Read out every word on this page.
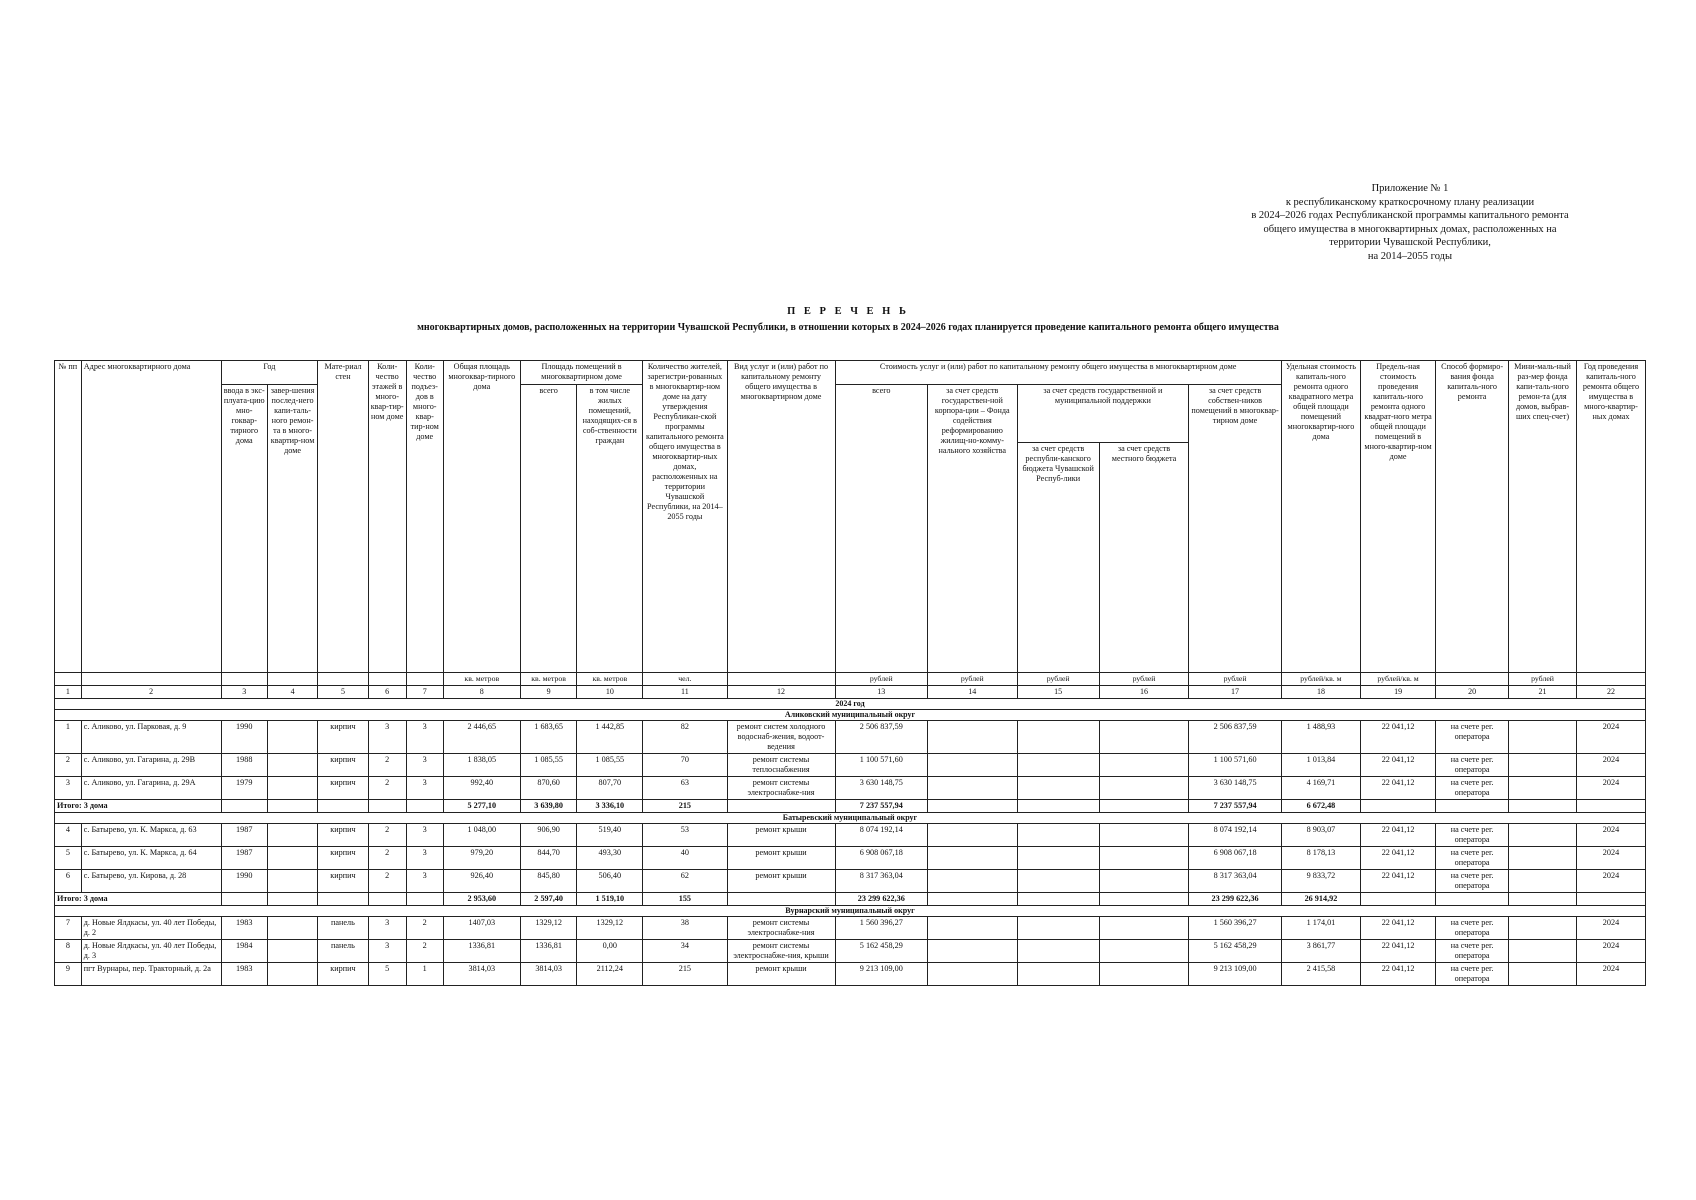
Приложение № 1
к республиканскому краткосрочному плану реализации
в 2024–2026 годах Республиканской программы капитального ремонта
общего имущества в многоквартирных домах, расположенных на
территории Чувашской Республики,
на 2014–2055 годы
П Е Р Е Ч Е Н Ь
многоквартирных домов, расположенных на территории Чувашской Республики, в отношении которых в 2024–2026 годах планируется проведение капитального ремонта общего имущества
№ пп	Адрес многоквартирного дома	Год		Мате-риал стен	Коли-чество этажей в много-квар-тир-ном доме	Коли-чество подъез-дов в много-квар-тир-ном доме	Общая площадь многоквар-тирного дома	Площадь помещений в многоквартирном доме		Количество жителей, зарегистри-рованных в многоквартир-ном доме на дату утверждения Республикан-ской программы капитального ремонта общего имущества в многоквартир-ных домах, расположенных на территории Чувашской Республики, на 2014– 2055 годы	Вид услуг и (или) работ по капитальному ремонту общего имущества в многоквартирном доме	Стоимость услуг и (или) работ по капитальному ремонту общего имущества в многоквартирном доме					Удельная стоимость капиталь-ного ремонта одного квадратного метра общей площади помещений многоквартир-ного дома	Предель-ная стоимость проведения капиталь-ного ремонта одного квадрат-ного метра общей площади помещений в много-квартир-ном доме	Способ формиро-вания фонда капиталь-ного ремонта	Мини-маль-ный раз-мер фонда капи-таль-ного ремон-та (для домов, выбрав-ших спец-счет)	Год проведения капиталь-ного ремонта общего имущества в много-квартир-ных домах
		ввода в экс-плуата-цию мно-гоквар-тирного дома	завер-шения послед-него капи-таль-ного ремон-та в много-квартир-ном доме					всего	в том числе жилых помещений, находящих-ся в соб-ственности граждан			всего	за счет средств государствен-ной корпора-ции – Фонда содействия реформированию жилищ-но-комму-нального хозяйства	за счет средств государственной и муниципальной поддержки		за счет средств собствен-ников помещений в многоквар-тирном доме					
														за счет средств республи-канского бюджета Чувашской Респуб-лики	за счет средств местного бюджета						
							кв. метров	кв. метров	кв. метров	чел.		рублей	рублей	рублей	рублей	рублей	рублей/кв. м	рублей/кв. м		рублей	
1	2	3	4	5	6	7	8	9	10	11	12	13	14	15	16	17	18	19	20	21	22
2024 год																					
Аликовский муниципальный округ																					
1	с. Аликово, ул. Парковая, д. 9	1990		кирпич	3	3	2 446,65	1 683,65	1 442,85	82	ремонт систем холодного водоснаб-жения, водоот-ведения	2 506 837,59				2 506 837,59	1 488,93	22 041,12	на счете рег. оператора		2024
2	с. Аликово, ул. Гагарина, д. 29В	1988		кирпич	2	3	1 838,05	1 085,55	1 085,55	70	ремонт системы теплоснабжения	1 100 571,60				1 100 571,60	1 013,84	22 041,12	на счете рег. оператора		2024
3	с. Аликово, ул. Гагарина, д. 29А	1979		кирпич	2	3	992,40	870,60	807,70	63	ремонт системы электроснабже-ния	3 630 148,75				3 630 148,75	4 169,71	22 041,12	на счете рег. оператора		2024
Итого: 3 дома							5 277,10	3 639,80	3 336,10	215		7 237 557,94				7 237 557,94	6 672,48				
Батыревский муниципальный округ																					
4	с. Батырево, ул. К. Маркса, д. 63	1987		кирпич	2	3	1 048,00	906,90	519,40	53	ремонт крыши	8 074 192,14				8 074 192,14	8 903,07	22 041,12	на счете рег. оператора		2024
5	с. Батырево, ул. К. Маркса, д. 64	1987		кирпич	2	3	979,20	844,70	493,30	40	ремонт крыши	6 908 067,18				6 908 067,18	8 178,13	22 041,12	на счете рег. оператора		2024
6	с. Батырево, ул. Кирова, д. 28	1990		кирпич	2	3	926,40	845,80	506,40	62	ремонт крыши	8 317 363,04				8 317 363,04	9 833,72	22 041,12	на счете рег. оператора		2024
Итого: 3 дома							2 953,60	2 597,40	1 519,10	155		23 299 622,36				23 299 622,36	26 914,92				
Вурнарский муниципальный округ																					
7	д. Новые Ялдкасы, ул. 40 лет Победы, д. 2	1983		панель	3	2	1407,03	1329,12	1329,12	38	ремонт системы электроснабже-ния	1 560 396,27				1 560 396,27	1 174,01	22 041,12	на счете рег. оператора		2024
8	д. Новые Ялдкасы, ул. 40 лет Победы, д. 3	1984		панель	3	2	1336,81	1336,81	0,00	34	ремонт системы электроснабже-ния, крыши	5 162 458,29				5 162 458,29	3 861,77	22 041,12	на счете рег. оператора		2024
9	пгт Вурнары, пер. Тракторный, д. 2а	1983		кирпич	5	1	3814,03	3814,03	2112,24	215	ремонт крыши	9 213 109,00				9 213 109,00	2 415,58	22 041,12	на счете рег. оператора		2024
